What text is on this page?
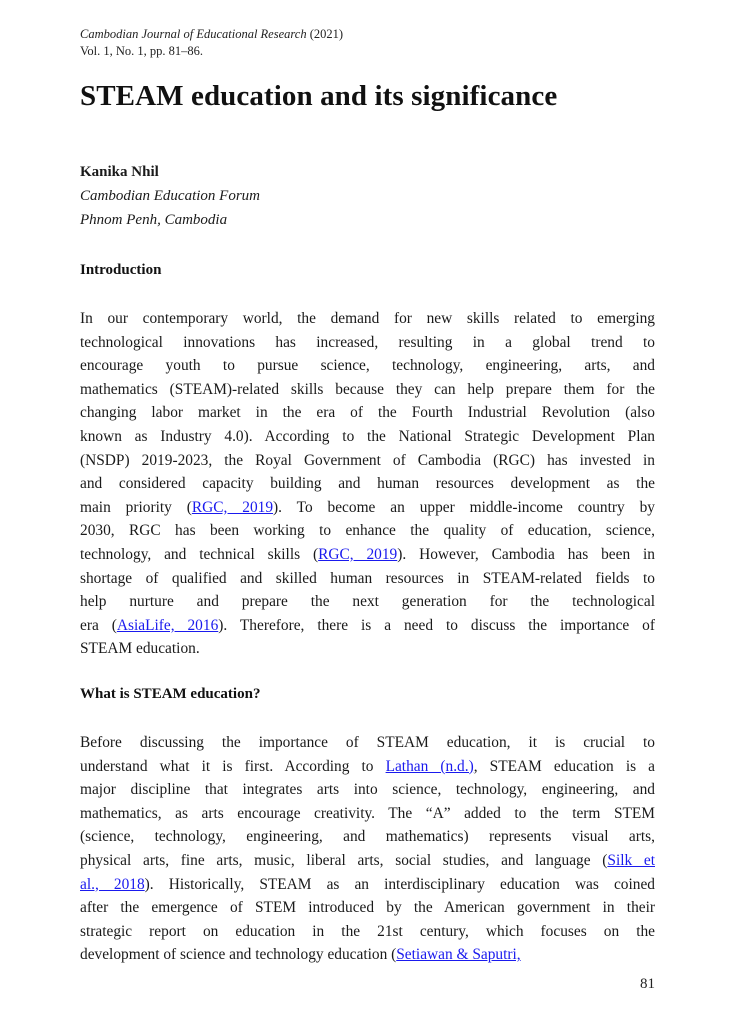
Cambodian Journal of Educational Research (2021)
Vol. 1, No. 1, pp. 81–86.
STEAM education and its significance
Kanika Nhil
Cambodian Education Forum
Phnom Penh, Cambodia
Introduction
In our contemporary world, the demand for new skills related to emerging
technological innovations has increased, resulting in a global trend to
encourage youth to pursue science, technology, engineering, arts, and
mathematics (STEAM)-related skills because they can help prepare them for the
changing labor market in the era of the Fourth Industrial Revolution (also
known as Industry 4.0). According to the National Strategic Development Plan
(NSDP) 2019-2023, the Royal Government of Cambodia (RGC) has invested in
and considered capacity building and human resources development as the
main priority (RGC, 2019). To become an upper middle-income country by
2030, RGC has been working to enhance the quality of education, science,
technology, and technical skills (RGC, 2019). However, Cambodia has been in
shortage of qualified and skilled human resources in STEAM-related fields to
help nurture and prepare the next generation for the technological
era (AsiaLife, 2016). Therefore, there is a need to discuss the importance of
STEAM education.
What is STEAM education?
Before discussing the importance of STEAM education, it is crucial to
understand what it is first. According to Lathan (n.d.), STEAM education is a
major discipline that integrates arts into science, technology, engineering, and
mathematics, as arts encourage creativity. The “A” added to the term STEM
(science, technology, engineering, and mathematics) represents visual arts,
physical arts, fine arts, music, liberal arts, social studies, and language (Silk et
al., 2018). Historically, STEAM as an interdisciplinary education was coined
after the emergence of STEM introduced by the American government in their
strategic report on education in the 21st century, which focuses on the
development of science and technology education (Setiawan & Saputri,
81
